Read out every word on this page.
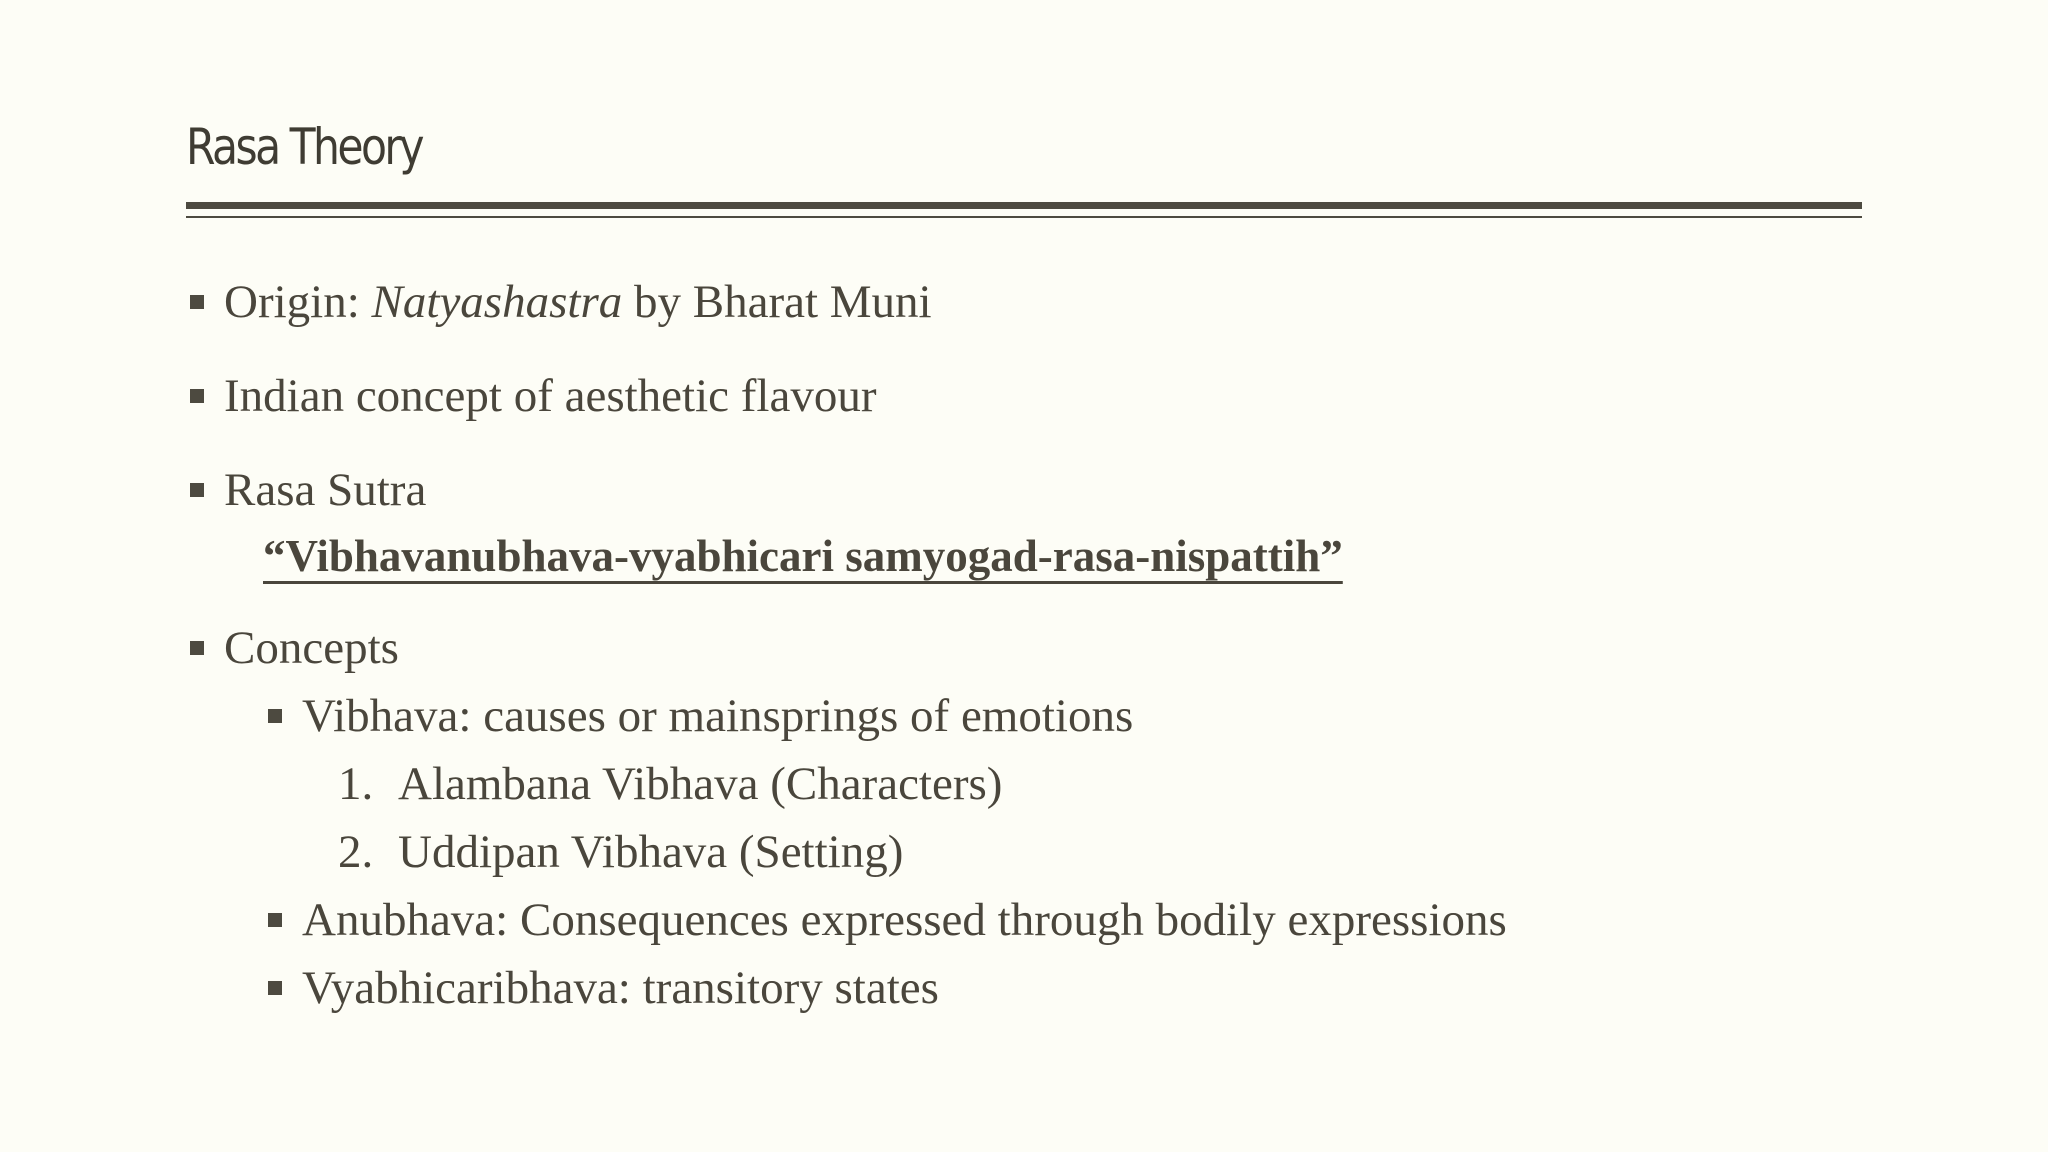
Rasa Theory
Origin: Natyashastra by Bharat Muni
Indian concept of aesthetic flavour
Rasa Sutra
“Vibhavanubhava-vyabhicari samyogad-rasa-nispattih”
Concepts
Vibhava: causes or mainsprings of emotions
1. Alambana Vibhava (Characters)
2. Uddipan Vibhava (Setting)
Anubhava: Consequences expressed through bodily expressions
Vyabhicaribhava: transitory states
